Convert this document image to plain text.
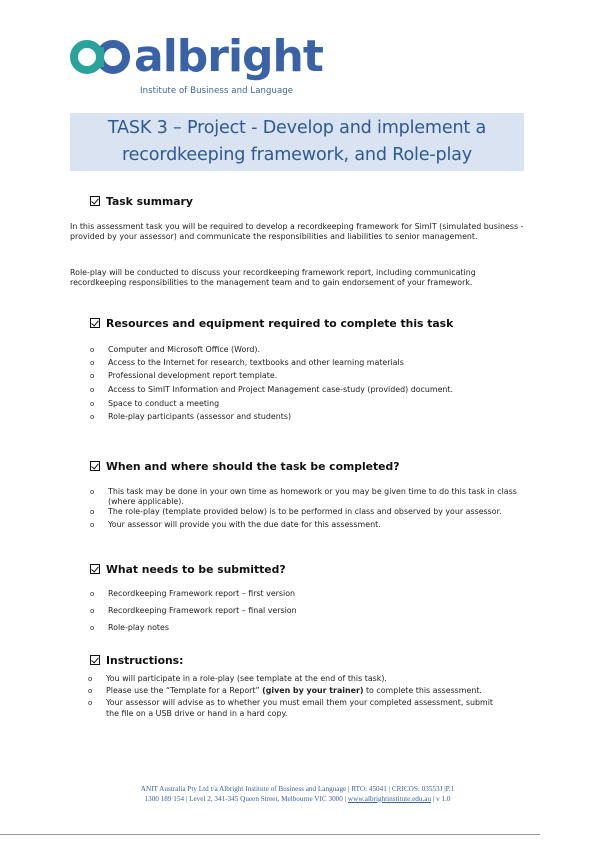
albright
Institute of Business and Language
TASK 3 – Project - Develop and implement a
recordkeeping framework, and Role-play
Task summary
In this assessment task you will be required to develop a recordkeeping framework for SimIT (simulated business - provided by your assessor) and communicate the responsibilities and liabilities to senior management.
Role-play will be conducted to discuss your recordkeeping framework report, including communicating recordkeeping responsibilities to the management team and to gain endorsement of your framework.
Resources and equipment required to complete this task
o Computer and Microsoft Office (Word).
o Access to the Internet for research, textbooks and other learning materials
o Professional development report template.
o Access to SimIT Information and Project Management case-study (provided) document.
o Space to conduct a meeting
o Role-play participants (assessor and students)
When and where should the task be completed?
o This task may be done in your own time as homework or you may be given time to do this task in class (where applicable).
o The role-play (template provided below) is to be performed in class and observed by your assessor.
o Your assessor will provide you with the due date for this assessment.
What needs to be submitted?
o Recordkeeping Framework report – first version
o Recordkeeping Framework report – final version
o Role-play notes
Instructions:
o You will participate in a role-play (see template at the end of this task).
o Please use the “Template for a Report” (given by your trainer) to complete this assessment.
o Your assessor will advise as to whether you must email them your completed assessment, submit the file on a USB drive or hand in a hard copy.
ANIT Australia Pty Ltd t/a Albright Institute of Business and Language | RTO: 45041 | CRICOS: 03553J |P.1
1300 189 154 | Level 2, 341-345 Queen Street, Melbourne VIC 3000 | www.albrightinstitute.edu.au | v 1.0
